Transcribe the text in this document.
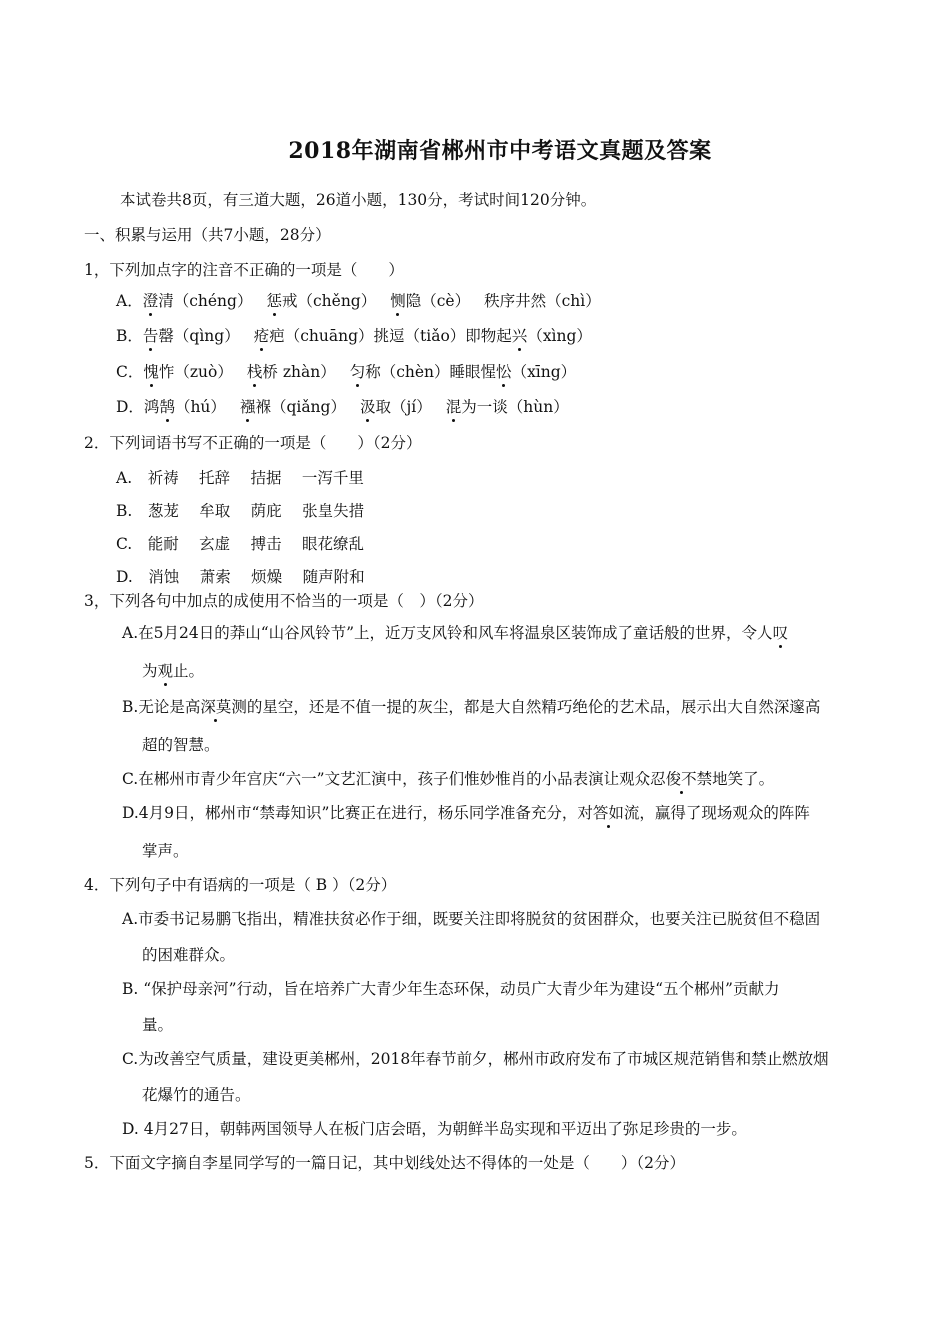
2018年湖南省郴州市中考语文真题及答案
本试卷共8页，有三道大题，26道小题，130分，考试时间120分钟。
一、积累与运用（共7小题，28分）
1，下列加点字的注音不正确的一项是（　　）
A．澄清（chéng） 惩戒（chěng） 恻隐（cè） 秩序井然（chì）
B．告罄（qìng） 疮疤（chuāng）挑逗（tiǎo）即物起兴（xìng）
C．愧怍（zuò） 栈桥 zhàn） 匀称（chèn）睡眼惺忪（xīng）
D．鸿鹄（hú） 襁褓（qiǎng） 汲取（jí） 混为一谈（hùn）
2．下列词语书写不正确的一项是（　　）（2分）
A.　祈祷　 托辞　 拮据　 一泻千里
B.　葱茏　 牟取　 荫庇　 张皇失措
C.　能耐　 玄虚　 搏击　 眼花缭乱
D.　消蚀　 萧索　 烦燥　 随声附和
3，下列各句中加点的成使用不恰当的一项是（　）（2分）
A.在5月24日的莽山“山谷风铃节”上，近万支风铃和风车将温泉区装饰成了童话般的世界，令人叹
为观止。
B.无论是高深莫测的星空，还是不值一提的灰尘，都是大自然精巧绝伦的艺术品，展示出大自然深邃高
超的智慧。
C.在郴州市青少年宫庆“六一”文艺汇演中，孩子们惟妙惟肖的小品表演让观众忍俊不禁地笑了。
D.4月9日，郴州市“禁毒知识”比赛正在进行，杨乐同学准备充分，对答如流，赢得了现场观众的阵阵
掌声。
4．下列句子中有语病的一项是（ B ）（2分）
A.市委书记易鹏飞指出，精准扶贫必作于细，既要关注即将脱贫的贫困群众，也要关注已脱贫但不稳固
的困难群众。
B. “保护母亲河”行动，旨在培养广大青少年生态环保，动员广大青少年为建设“五个郴州”贡献力
量。
C.为改善空气质量，建设更美郴州，2018年春节前夕，郴州市政府发布了市城区规范销售和禁止燃放烟
花爆竹的通告。
D. 4月27日，朝韩两国领导人在板门店会晤，为朝鲜半岛实现和平迈出了弥足珍贵的一步。
5．下面文字摘自李星同学写的一篇日记，其中划线处达不得体的一处是（　　）（2分）
